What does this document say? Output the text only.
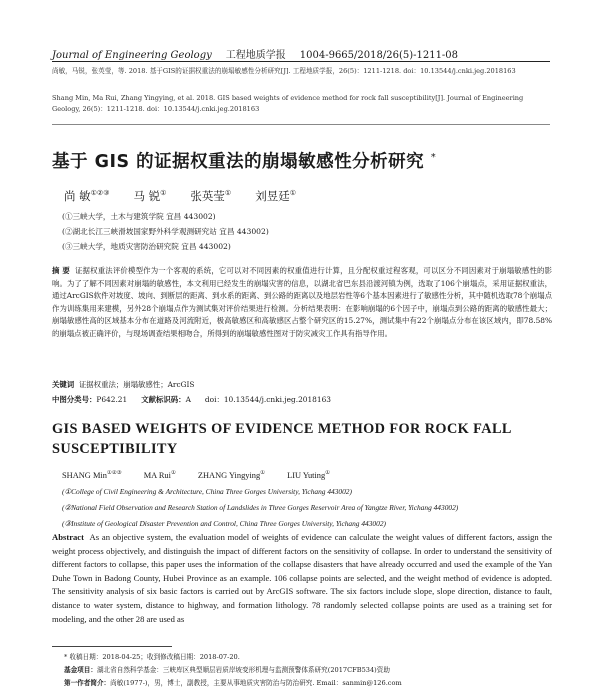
Journal of Engineering Geology 工程地质学报 1004-9665/2018/26(5)-1211-08
尚敏，马锐，张英莹，等. 2018. 基于GIS的证据权重法的崩塌敏感性分析研究[J]. 工程地质学报，26(5)：1211-1218. doi：10.13544/j.cnki.jeg.2018163
Shang Min, Ma Rui, Zhang Yingying, et al. 2018. GIS based weights of evidence method for rock fall susceptibility[J]. Journal of Engineering Geology, 26(5)：1211-1218. doi：10.13544/j.cnki.jeg.2018163
基于 GIS 的证据权重法的崩塌敏感性分析研究 *
尚 敏①②③ 马 锐① 张英莹① 刘昱廷①
(①三峡大学，土木与建筑学院 宜昌 443002)
(②湖北长江三峡滑坡国家野外科学观测研究站 宜昌 443002)
(③三峡大学，地质灾害防治研究院 宜昌 443002)
摘 要 证据权重法评价模型作为一个客观的系统，它可以对不同因素的权重值进行计算，且分配权重过程客观，可以区分不同因素对于崩塌敏感性的影响。为了了解不同因素对崩塌的敏感性，本文利用已经发生的崩塌灾害的信息，以湖北省巴东县沿渡河镇为例，选取了106个崩塌点，采用证据权重法，通过ArcGIS软件对坡度、坡向、到断层的距离、到水系的距离、到公路的距离以及地层岩性等6个基本因素进行了敏感性分析，其中随机选取78个崩塌点作为训练集用来建模，另外28个崩塌点作为测试集对评价结果进行检测。分析结果表明：在影响崩塌的6个因子中，崩塌点到公路的距离的敏感性最大；崩塌敏感性高的区域基本分布在道路及河流附近，极高敏感区和高敏感区占整个研究区的15.27%，测试集中有22个崩塌点分布在该区域内，即78.58%的崩塌点被正确评价，与现场调查结果相吻合，所得到的崩塌敏感性图对于防灾减灾工作具有指导作用。
关键词 证据权重法；崩塌敏感性；ArcGIS
中图分类号：P642.21 文献标识码：A doi：10.13544/j.cnki.jeg.2018163
GIS BASED WEIGHTS OF EVIDENCE METHOD FOR ROCK FALL SUSCEPTIBILITY
SHANG Min①②③	MA Rui①	ZHANG Yingying①	LIU Yuting①
(①College of Civil Engineering & Architecture, China Three Gorges University, Yichang 443002)
(②National Field Observation and Research Station of Landslides in Three Gorges Reservoir Area of Yangtze River, Yichang 443002)
(③Institute of Geological Disaster Prevention and Control, China Three Gorges University, Yichang 443002)
Abstract As an objective system, the evaluation model of weights of evidence can calculate the weight values of different factors, assign the weight process objectively, and distinguish the impact of different factors on the sensitivity of collapse. In order to understand the sensitivity of different factors to collapse, this paper uses the information of the collapse disasters that have already occurred and used the example of the Yan Duhe Town in Badong County, Hubei Province as an example. 106 collapse points are selected, and the weight method of evidence is adopted. The sensitivity analysis of six basic factors is carried out by ArcGIS software. The six factors include slope, slope direction, distance to fault, distance to water system, distance to highway, and formation lithology. 78 randomly selected collapse points are used as a training set for modeling, and the other 28 are used as
* 收稿日期：2018-04-25；收到修改稿日期：2018-07-20.
基金项目：湖北省自然科学基金：三峡库区典型顺层岩质岸坡变形机理与监测预警体系研究(2017CFB534)资助
第一作者简介：尚敏(1977-)，男，博士，副教授，主要从事地质灾害防治与防治研究. Email：sanmin@126.com
